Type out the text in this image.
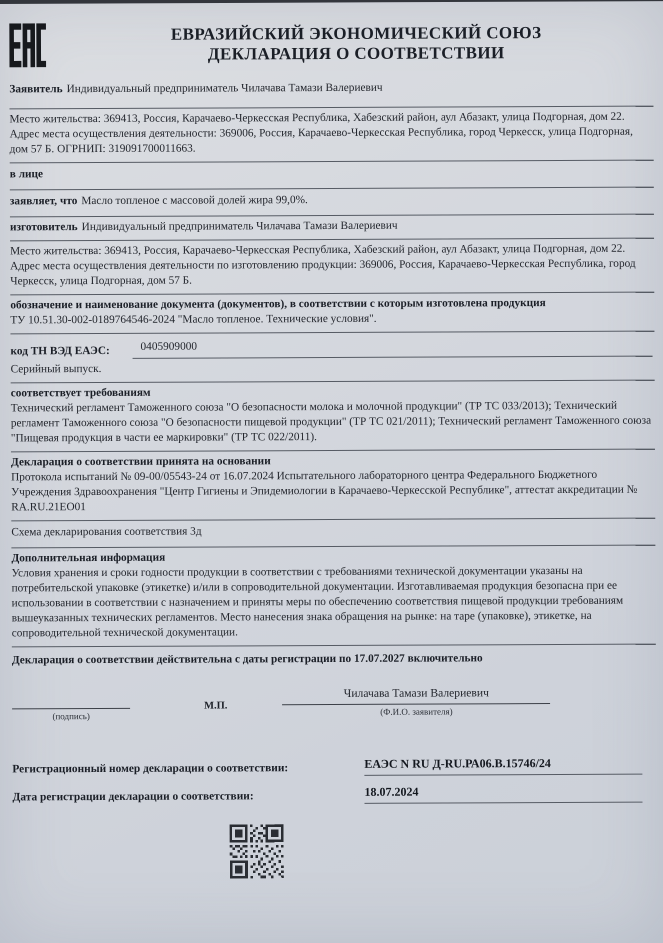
ЕВРАЗИЙСКИЙ ЭКОНОМИЧЕСКИЙ СОЮЗ
ДЕКЛАРАЦИЯ О СООТВЕТСТВИИ
Заявитель Индивидуальный предприниматель Чилачава Тамази Валериевич
Место жительства: 369413, Россия, Карачаево-Черкесская Республика, Хабезский район, аул Абазакт, улица Подгорная, дом 22. Адрес места осуществления деятельности: 369006, Россия, Карачаево-Черкесская Республика, город Черкесск, улица Подгорная, дом 57 Б. ОГРНИП: 319091700011663.
в лице
заявляет, что Масло топленое с массовой долей жира 99,0%.
изготовитель Индивидуальный предприниматель Чилачава Тамази Валериевич
Место жительства: 369413, Россия, Карачаево-Черкесская Республика, Хабезский район, аул Абазакт, улица Подгорная, дом 22. Адрес места осуществления деятельности по изготовлению продукции: 369006, Россия, Карачаево-Черкесская Республика, город Черкесск, улица Подгорная, дом 57 Б.
обозначение и наименование документа (документов), в соответствии с которым изготовлена продукция
ТУ 10.51.30-002-0189764546-2024 "Масло топленое. Технические условия".
код ТН ВЭД ЕАЭС:	0405909000
Серийный выпуск.
соответствует требованиям
Технический регламент Таможенного союза "О безопасности молока и молочной продукции" (ТР ТС 033/2013); Технический регламент Таможенного союза "О безопасности пищевой продукции" (ТР ТС 021/2011); Технический регламент Таможенного союза "Пищевая продукция в части ее маркировки" (ТР ТС 022/2011).
Декларация о соответствии принята на основании
Протокола испытаний № 09-00/05543-24 от 16.07.2024 Испытательного лабораторного центра Федерального Бюджетного Учреждения Здравоохранения "Центр Гигиены и Эпидемиологии в Карачаево-Черкесской Республике", аттестат аккредитации № RA.RU.21EO01
Схема декларирования соответствия 3д
Дополнительная информация
Условия хранения и сроки годности продукции в соответствии с требованиями технической документации указаны на потребительской упаковке (этикетке) и/или в сопроводительной документации. Изготавливаемая продукция безопасна при ее использовании в соответствии с назначением и приняты меры по обеспечению соответствия пищевой продукции требованиям вышеуказанных технических регламентов. Место нанесения знака обращения на рынке: на таре (упаковке), этикетке, на сопроводительной технической документации.
Декларация о соответствии действительна с даты регистрации по 17.07.2027 включительно
(подпись)
М.П.
Чилачава Тамази Валериевич
(Ф.И.О. заявителя)
Регистрационный номер декларации о соответствии:	ЕАЭС N RU Д-RU.РА06.В.15746/24
Дата регистрации декларации о соответствии:	18.07.2024
